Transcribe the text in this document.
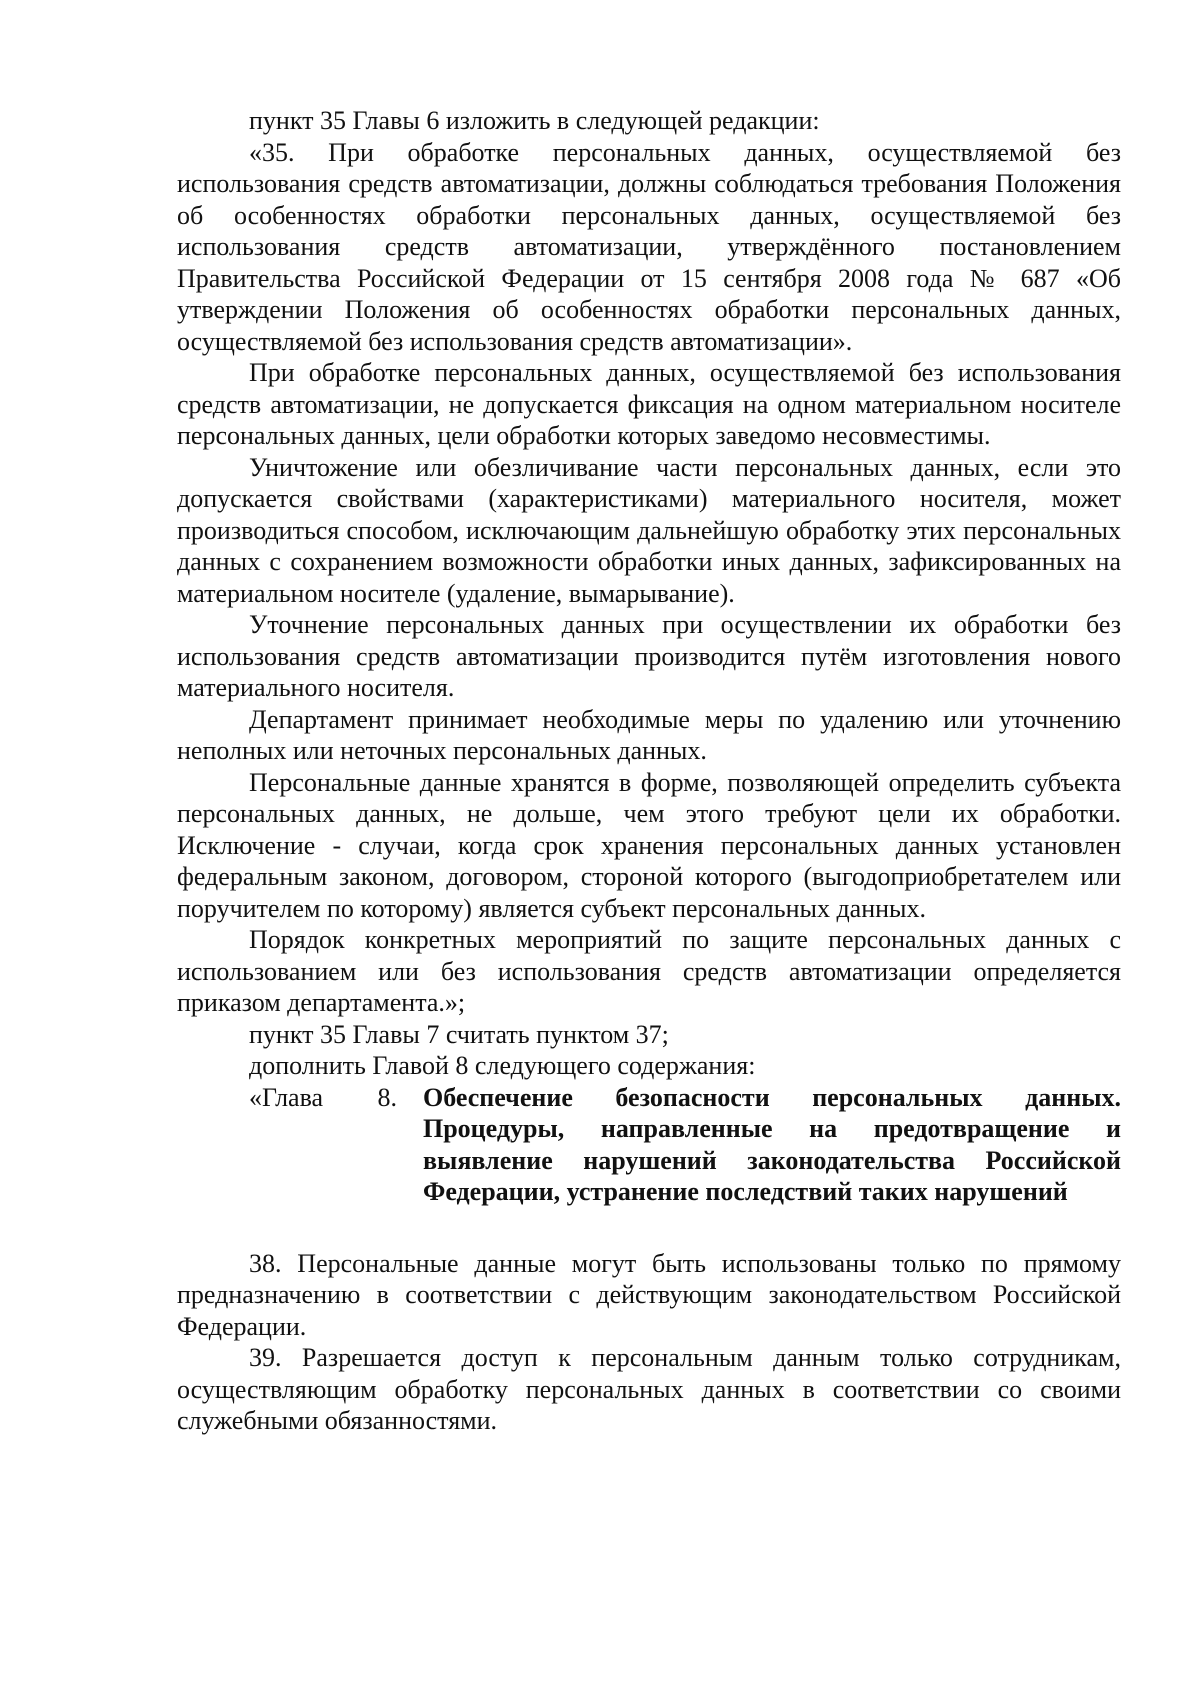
пункт 35 Главы 6 изложить в следующей редакции:

«35. При обработке персональных данных, осуществляемой без использования средств автоматизации, должны соблюдаться требования Положения об особенностях обработки персональных данных, осуществляемой без использования средств автоматизации, утверждённого постановлением Правительства Российской Федерации от 15 сентября 2008 года № 687 «Об утверждении Положения об особенностях обработки персональных данных, осуществляемой без использования средств автоматизации».

При обработке персональных данных, осуществляемой без использования средств автоматизации, не допускается фиксация на одном материальном носителе персональных данных, цели обработки которых заведомо несовместимы.

Уничтожение или обезличивание части персональных данных, если это допускается свойствами (характеристиками) материального носителя, может производиться способом, исключающим дальнейшую обработку этих персональных данных с сохранением возможности обработки иных данных, зафиксированных на материальном носителе (удаление, вымарывание).

Уточнение персональных данных при осуществлении их обработки без использования средств автоматизации производится путём изготовления нового материального носителя.

Департамент принимает необходимые меры по удалению или уточнению неполных или неточных персональных данных.

Персональные данные хранятся в форме, позволяющей определить субъекта персональных данных, не дольше, чем этого требуют цели их обработки. Исключение - случаи, когда срок хранения персональных данных установлен федеральным законом, договором, стороной которого (выгодоприобретателем или поручителем по которому) является субъект персональных данных.

Порядок конкретных мероприятий по защите персональных данных с использованием или без использования средств автоматизации определяется приказом департамента.»;

пункт 35 Главы 7 считать пунктом 37;

дополнить Главой 8 следующего содержания:

«Глава 8. Обеспечение безопасности персональных данных. Процедуры, направленные на предотвращение и выявление нарушений законодательства Российской Федерации, устранение последствий таких нарушений

38. Персональные данные могут быть использованы только по прямому предназначению в соответствии с действующим законодательством Российской Федерации.

39. Разрешается доступ к персональным данным только сотрудникам, осуществляющим обработку персональных данных в соответствии со своими служебными обязанностями.
